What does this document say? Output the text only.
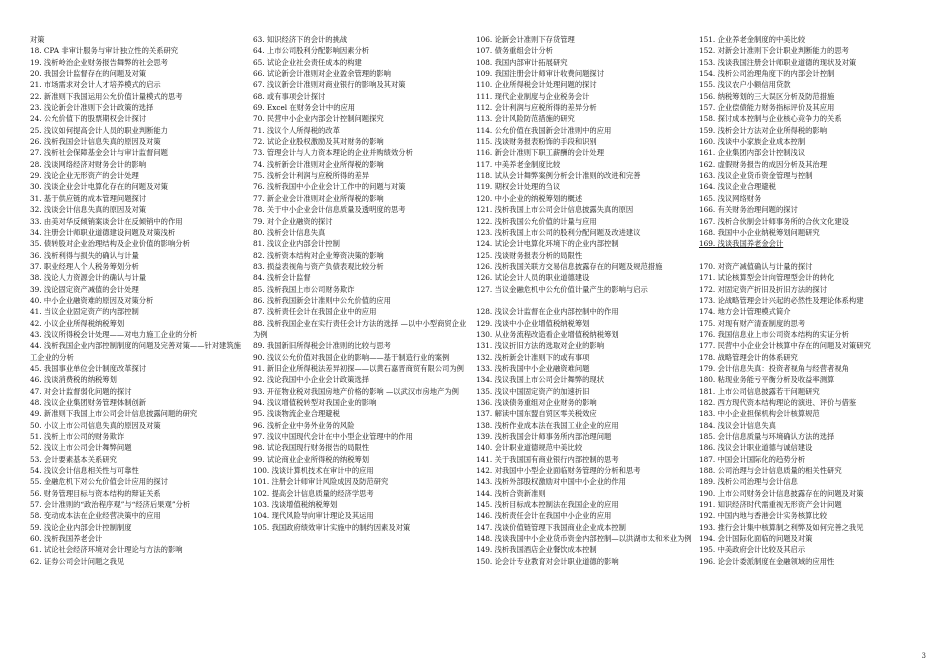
对策
18. CPA 非审计服务与审计独立性的关系研究
19. 浅析岭治企业财务报告舞弊的社会思考
20. 我国会计监督存在的问题及对策
21. 市场需求对会计人才培养模式的启示
22. 新准则下我国运用公允价值计量模式的思考
23. 浅论新会计准则下会计政策的选择
24. 公允价值下的股票期权会计探讨
25. 浅议如何提高会计人员的职业判断能力
26. 浅析我国会计信息失真的原因及对策
27. 浅析社会保障基金会计与审计监督问题
28. 浅谈网络经济对财务会计的影响
29. 浅论企业无形资产的会计处理
30. 浅谈企业会计电算化存在的问题及对策
31. 基于供应链的成本管理问题探讨
32. 浅谈会计信息失真的原因及对策
33. 由美对华反倾销案谈会计在反倾销中的作用
34. 注册会计师职业道德建设问题及对策浅析
35. 债转股对企业治理结构及企业价值的影响分析
36. 浅析利得与损失的确认与计量
37. 职业经理人个人税务筹划分析
38. 浅论人力资源会计的确认与计量
39. 浅论固定资产减值的会计处理
40. 中小企业融资难的原因及对策分析
41. 当议企业固定资产的内部控制
42. 小议企业所得税纳税筹划
43. 浅议所得税会计处理——对电力施工企业的分析
44. 浅析我国企业内部控制制度的问题及完善对策——针对建筑施工企业的分析
45. 我国事业单位会计制度改革探讨
46. 浅谈消费税的纳税筹划
47. 对会计监督弱化问题的探讨
48. 浅议企业集团财务管理体制创新
49. 新准则下我国上市公司会计信息披露问题的研究
50. 小议上市公司信息失真的原因及对策
51. 浅析上市公司的财务欺诈
52. 浅议上市公司会计舞弊问题
53. 会计要素基本关系研究
54. 浅议会计信息相关性与可靠性
55. 金融危机下对公允价值会计应用的探讨
56. 财务管理目标与资本结构的辩证关系
57. 会计准则的“政治程序观”与“经济后果观”分析
58. 变动成本法在企业经营决策中的应用
59. 浅论企业内部会计控制制度
60. 浅析我国养老会计
61. 试论社会经济环境对会计理论与方法的影响
62. 证券公司会计问题之我见
63. 知识经济下的会计的挑战
64. 上市公司股利分配影响因素分析
65. 试论企业社会责任成本的构建
66. 试论新会计准则对企业盈余管理的影响
67. 浅议新会计准则对商业银行的影响及其对策
68. 或有事项会计探讨
69. Excel 在财务会计中的应用
70. 民营中小企业内部会计控制问题探究
71. 浅议个人所得税的改革
72. 试论企业股权激励及其对财务的影响
73. 管理会计与人力资本理论的企业并购绩效分析
74. 浅析新会计准则对企业所得税的影响
75. 浅析会计利润与应税所得的差异
76. 浅析我国中小企业会计工作中的问题与对策
77. 新企业会计准则对企业所得税的影响
78. 关于中小企业会计信息质量及透明度的思考
79. 对个企业融资的探讨
80. 浅析会计信息失真
81. 浅议企业内部会计控制
82. 浅析资本结构对企业筹资决策的影响
83. 损益表视角与资产负债表观比较分析
84. 浅析会计监督
85. 浅析我国上市公司财务欺诈
86. 浅析我国新会计准则中公允价值的应用
87. 浅析责任会计在我国企业中的应用
88. 浅析我国企业在实行责任会计方法的选择 —以中小型商贸企业为例
89. 我国新旧所得税会计准则的比较与思考
90. 浅议公允价值对我国企业的影响——基于制造行业的案例
91. 新旧企业所得税法差异初探——以黄石嘉晋商贸有限公司为例
92. 浅论我国中小企业会计政策选择
93. 开征物业税对我国房地产价格的影响 —以武汉市房地产为例
94. 浅议增值税转型对我国企业的影响
95. 浅谈物流企业合理避税
96. 浅析企业中务外业务的风险
97. 浅议中国现代会计在中小型企业管理中的作用
98. 试论我国现行财务报告的局限性
99. 试论商业企业所得税的纳税筹划
100. 浅谈计算机技术在审计中的应用
101. 注册会计师审计风险成因及防范研究
102. 提高会计信息质量的经济学思考
103. 浅谈增值税纳税筹划
104. 现代风险导向审计理论及其运用
105. 我国政府绩效审计实施中的制约因素及对策
106. 论新会计准则下存货管理
107. 债务重组会计分析
108. 我国内部审计拓展研究
109. 我国注册会计师审计收费问题探讨
110. 企业所得税会计处理问题的探讨
111. 现代企业制度与企业税务会计
112. 会计利润与应税所得的差异分析
113. 会计风险防范措施的研究
114. 公允价值在我国新会计准则中的应用
115. 浅谈财务报表粉饰的手段和识别
116. 新会计准则下职工薪酬的会计处理
117. 中美养老金制度比较
118. 试从会计舞弊案例分析会计准则的改进和完善
119. 期权会计处理的刍议
120. 中小企业的纳税筹划的概述
121. 浅析我国上市公司会计信息披露失真的原因
122. 浅析我国公允价值的计量与应用
123. 浅析我国上市公司的股利分配问题及改进建议
124. 试论会计电算化环境下的企业内部控制
125. 浅谈财务报表分析的局限性
126. 浅析我国关联方交易信息披露存在的问题及规范措施
126. 试论会计人员的职业道德建设
127. 当议金融危机中公允价值计量产生的影响与启示
128. 浅议会计监督在企业内部控制中的作用
129. 浅谈中小企业增值税纳税筹划
130. 从业务流程改造看企业增值税纳税筹划
131. 浅议折旧方法的选取对企业的影响
132. 浅析新会计准则下的或有事项
133. 浅析我国中小企业融资难问题
134. 浅议我国上市公司会计舞弊的现状
135. 浅议中国固定资产的加速折旧
136. 浅谈债务重组对企业财务的影响
137. 解读中国东盟自贸区零关税效应
138. 浅析作业成本法在我国工业企业的应用
139. 浅析我国会计师事务所内部治理问题
140. 会计职业道德规范中美比较
141. 关于我国国有商业银行内部控制的思考
142. 对我国中小型企业面临财务管理的分析和思考
143. 浅析外部股权激励对中国中小企业的作用
144. 浅析合资新准则
145. 浅析目标成本控制法在我国企业的应用
146. 浅析责任会计在我国中小企业的应用
147. 浅谈价值链管理下我国商业企业成本控制
148. 浅谈我国中小企业货币资金内部控制—以洪湖市太和米业为例
149. 浅析我国酒店企业餐饮成本控制
150. 论会计专业教育对会计职业道德的影响
151. 企业养老金制度的中美比较
152. 对新会计准则下会计职业判断能力的思考
153. 浅谈我国注册会计师职业道德的现状及对策
154. 浅析公司治理角度下的内部会计控制
155. 浅议农户小额信用贷款
156. 纳税筹划的三大误区分析及防范措施
157. 企业偿债能力财务指标评价及其应用
158. 探讨成本控制与企业核心竞争力的关系
159. 浅析会计方法对企业所得税的影响
160. 浅谈中小家族企业成本控制
161. 企业集团内部会计控制浅议
162. 虚假财务报告的成因分析及其治理
163. 浅议企业货币资金管理与控制
164. 浅议企业合理避税
165. 浅议网络财务
166. 有关财务治理问题的探讨
167. 浅析合伙制会计师事务所的合伙文化建设
168. 我国中小企业纳税筹划问题研究
169. 浅谈我国养老金会计
170. 对资产减值确认与计量的探讨
171. 试论核算型会计向管理型会计的转化
172. 对固定资产折旧及折旧方法的探讨
173. 论战略管理会计兴起的必然性及理论体系构建
174. 地方会计管理模式简介
175. 对现有财产清查制度的思考
176. 我国信息业上市公司资本结构的实证分析
177. 民营中小企业会计核算中存在的问题及对策研究
178. 战略管理会计的体系研究
179. 会计信息失真：投资者视角与经营者视角
180. 粘现业务能亏平衡分析及收益率测算
181. 上市公司信息披露若干问题研究
182. 西方现代资本结构理论的演进、评价与借鉴
183. 中小企业担保机构会计核算规范
184. 浅议会计信息失真
185. 会计信息质量与环境确认方法的选择
186. 浅议会计职业道德与诚信建设
187. 中国会计国际化的趋势分析
188. 公司治理与会计信息质量的相关性研究
189. 浅析公司治理与会计信息
190. 上市公司财务会计信息披露存在的问题及对策
191. 知识经济时代需重视无形资产会计问题
192. 中国内地与香港会计实务核算比较
193. 推行会计集中核算制之利弊及如何完善之我见
194. 会计国际化面临的问题及对策
195. 中美政府会计比较及其启示
196. 论会计委派制度在金融领域的应用性
3
